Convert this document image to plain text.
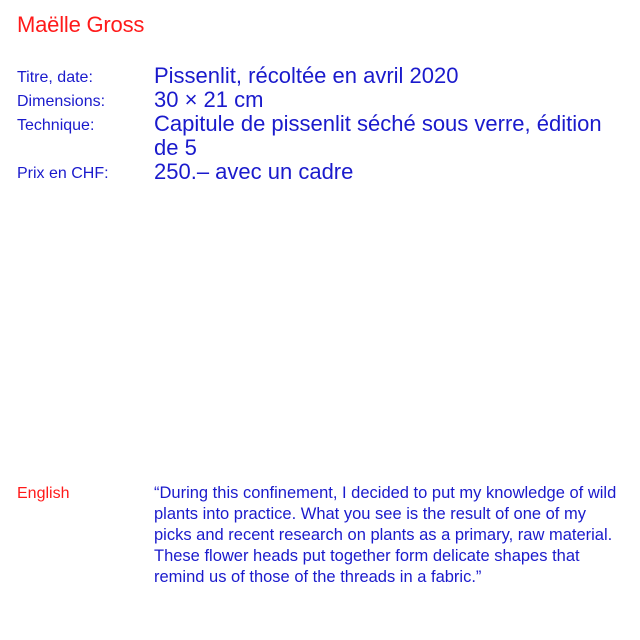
Maëlle Gross
Titre, date:	Pissenlit, récoltée en avril 2020
Dimensions: 30 × 21 cm
Technique:	Capitule de pissenlit séché sous verre, édition de 5
Prix en CHF: 250.– avec un cadre
English	“During this confinement, I decided to put my knowledge of wild plants into practice. What you see is the result of one of my picks and recent research on plants as a primary, raw material. These flower heads put together form delicate shapes that remind us of those of the threads in a fabric.”
